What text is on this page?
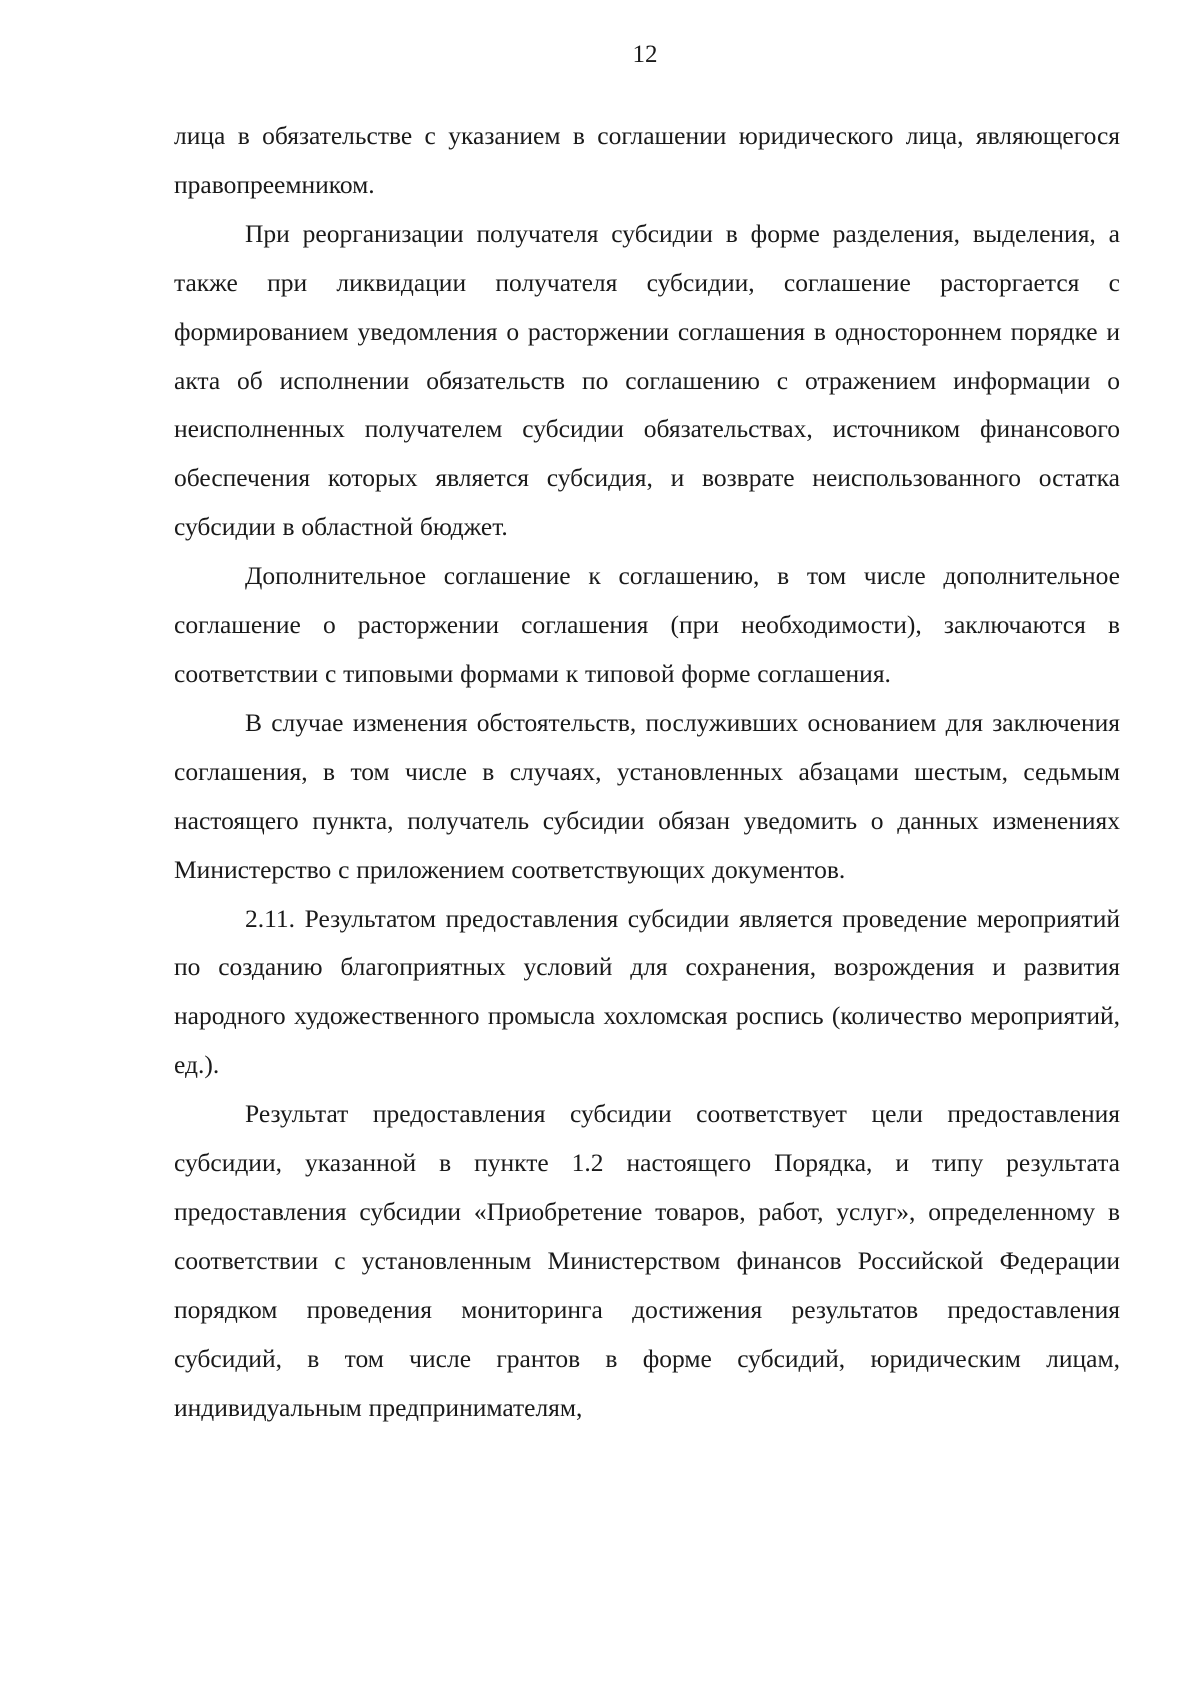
12

лица в обязательстве с указанием в соглашении юридического лица, являющегося правопреемником.

При реорганизации получателя субсидии в форме разделения, выделения, а также при ликвидации получателя субсидии, соглашение расторгается с формированием уведомления о расторжении соглашения в одностороннем порядке и акта об исполнении обязательств по соглашению с отражением информации о неисполненных получателем субсидии обязательствах, источником финансового обеспечения которых является субсидия, и возврате неиспользованного остатка субсидии в областной бюджет.

Дополнительное соглашение к соглашению, в том числе дополнительное соглашение о расторжении соглашения (при необходимости), заключаются в соответствии с типовыми формами к типовой форме соглашения.

В случае изменения обстоятельств, послуживших основанием для заключения соглашения, в том числе в случаях, установленных абзацами шестым, седьмым настоящего пункта, получатель субсидии обязан уведомить о данных изменениях Министерство с приложением соответствующих документов.

2.11. Результатом предоставления субсидии является проведение мероприятий по созданию благоприятных условий для сохранения, возрождения и развития народного художественного промысла хохломская роспись (количество мероприятий, ед.).

Результат предоставления субсидии соответствует цели предоставления субсидии, указанной в пункте 1.2 настоящего Порядка, и типу результата предоставления субсидии «Приобретение товаров, работ, услуг», определенному в соответствии с установленным Министерством финансов Российской Федерации порядком проведения мониторинга достижения результатов предоставления субсидий, в том числе грантов в форме субсидий, юридическим лицам, индивидуальным предпринимателям,
